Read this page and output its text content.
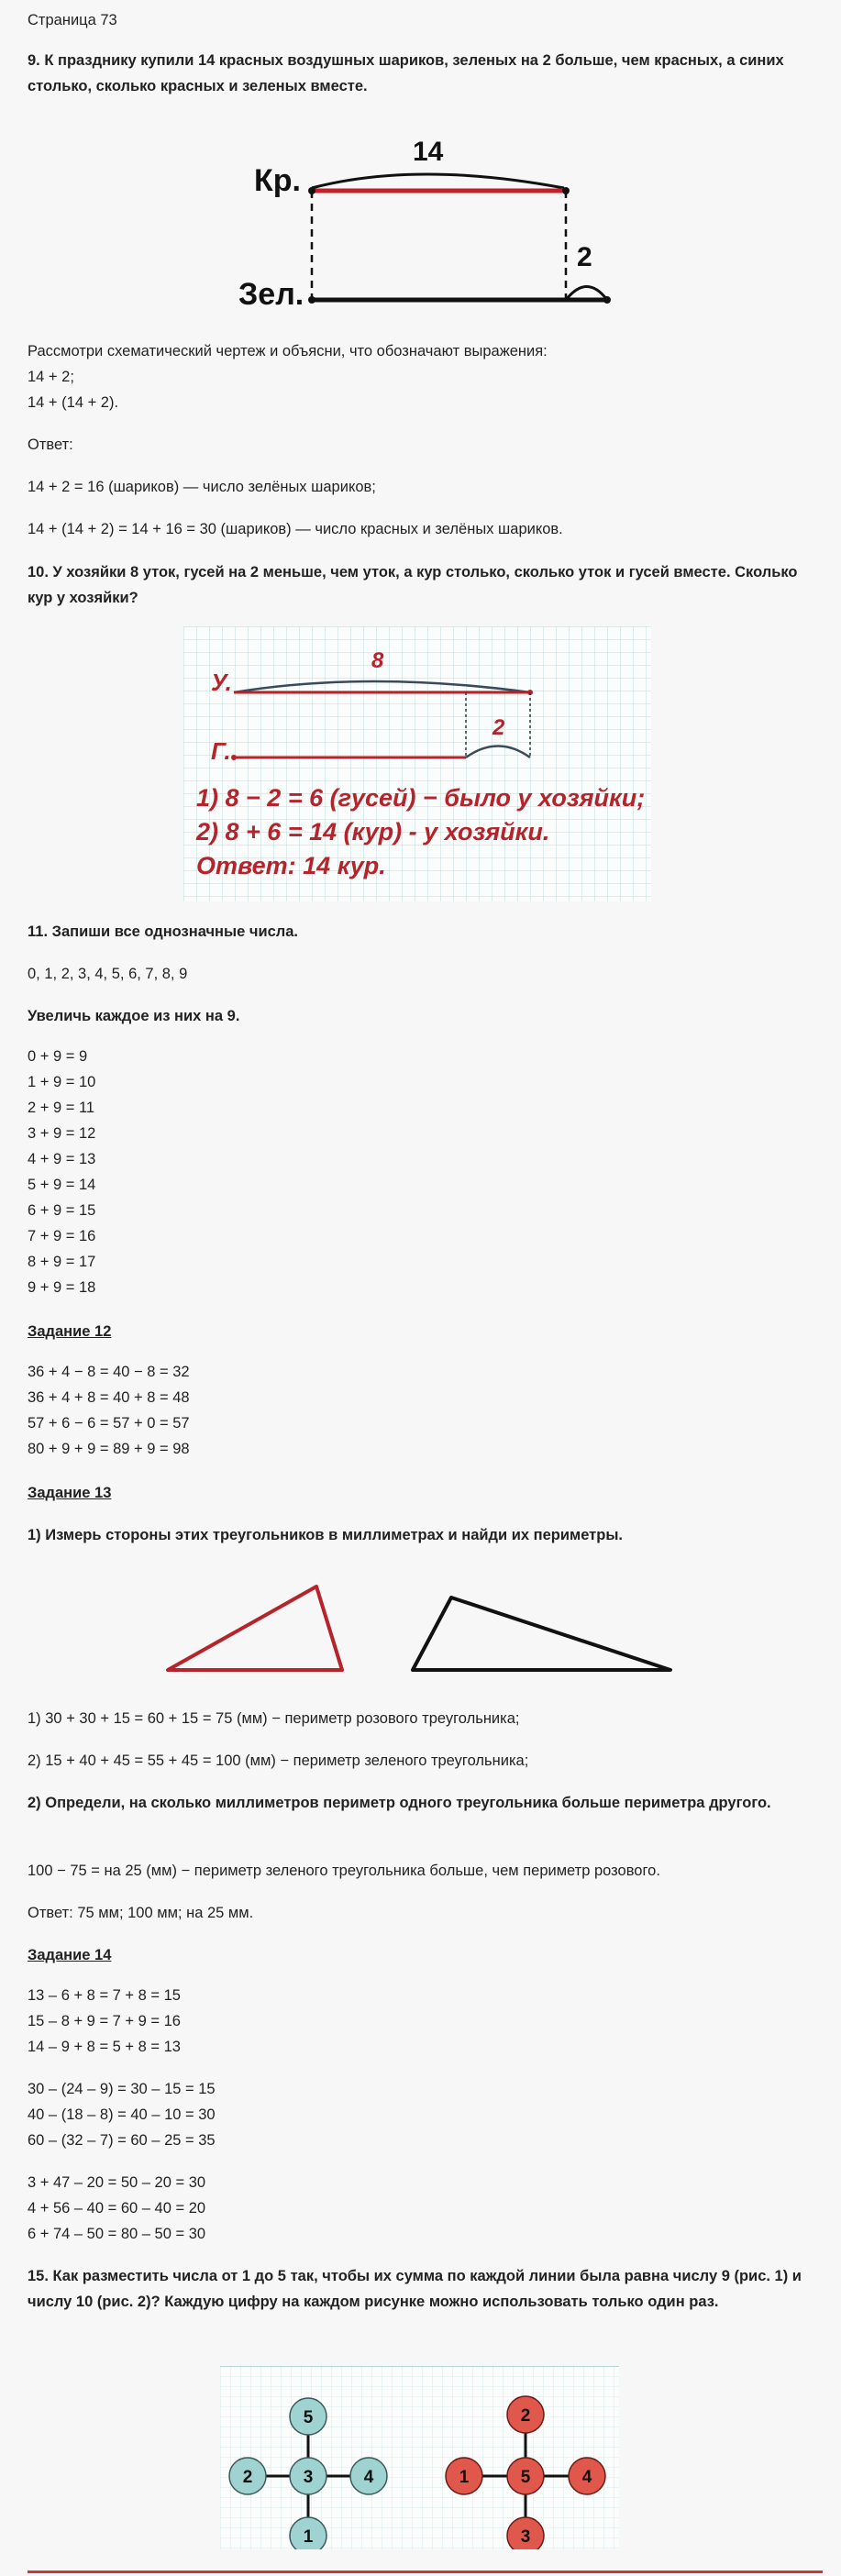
Страница 73
9. К празднику купили 14 красных воздушных шариков, зеленых на 2 больше, чем красных, а синих столько, сколько красных и зеленых вместе.
Кр.
Зел.
14
2
Рассмотри схематический чертеж и объясни, что обозначают выражения:
14 + 2;
14 + (14 + 2).
Ответ:
14 + 2 = 16 (шариков) — число зелёных шариков;
14 + (14 + 2) = 14 + 16 = 30 (шариков) — число красных и зелёных шариков.
10. У хозяйки 8 уток, гусей на 2 меньше, чем уток, а кур столько, сколько уток и гусей вместе. Сколько кур у хозяйки?
У.
Г.
8
2
1) 8 − 2 = 6 (гусей) − было у хозяйки;
2) 8 + 6 = 14 (кур) - у хозяйки.
Ответ: 14 кур.
11. Запиши все однозначные числа.
0, 1, 2, 3, 4, 5, 6, 7, 8, 9
Увеличь каждое из них на 9.
0 + 9 = 9
1 + 9 = 10
2 + 9 = 11
3 + 9 = 12
4 + 9 = 13
5 + 9 = 14
6 + 9 = 15
7 + 9 = 16
8 + 9 = 17
9 + 9 = 18
Задание 12
36 + 4 − 8 = 40 − 8 = 32
36 + 4 + 8 = 40 + 8 = 48
57 + 6 − 6 = 57 + 0 = 57
80 + 9 + 9 = 89 + 9 = 98
Задание 13
1) Измерь стороны этих треугольников в миллиметрах и найди их периметры.
1) 30 + 30 + 15 = 60 + 15 = 75 (мм) − периметр розового треугольника;
2) 15 + 40 + 45 = 55 + 45 = 100 (мм) − периметр зеленого треугольника;
2) Определи, на сколько миллиметров периметр одного треугольника больше периметра другого.
100 − 75 = на 25 (мм) − периметр зеленого треугольника больше, чем периметр розового.
Ответ: 75 мм; 100 мм; на 25 мм.
Задание 14
13 – 6 + 8 = 7 + 8 = 15
15 – 8 + 9 = 7 + 9 = 16
14 – 9 + 8 = 5 + 8 = 13
30 – (24 – 9) = 30 – 15 = 15
40 – (18 – 8) = 40 – 10 = 30
60 – (32 – 7) = 60 – 25 = 35
3 + 47 – 20 = 50 – 20 = 30
4 + 56 – 40 = 60 – 40 = 20
6 + 74 – 50 = 80 – 50 = 30
15. Как разместить числа от 1 до 5 так, чтобы их сумма по каждой линии была равна числу 9 (рис. 1) и числу 10 (рис. 2)? Каждую цифру на каждом рисунке можно использовать только один раз.
5
2	3	4
1
2
1	5	4
3
